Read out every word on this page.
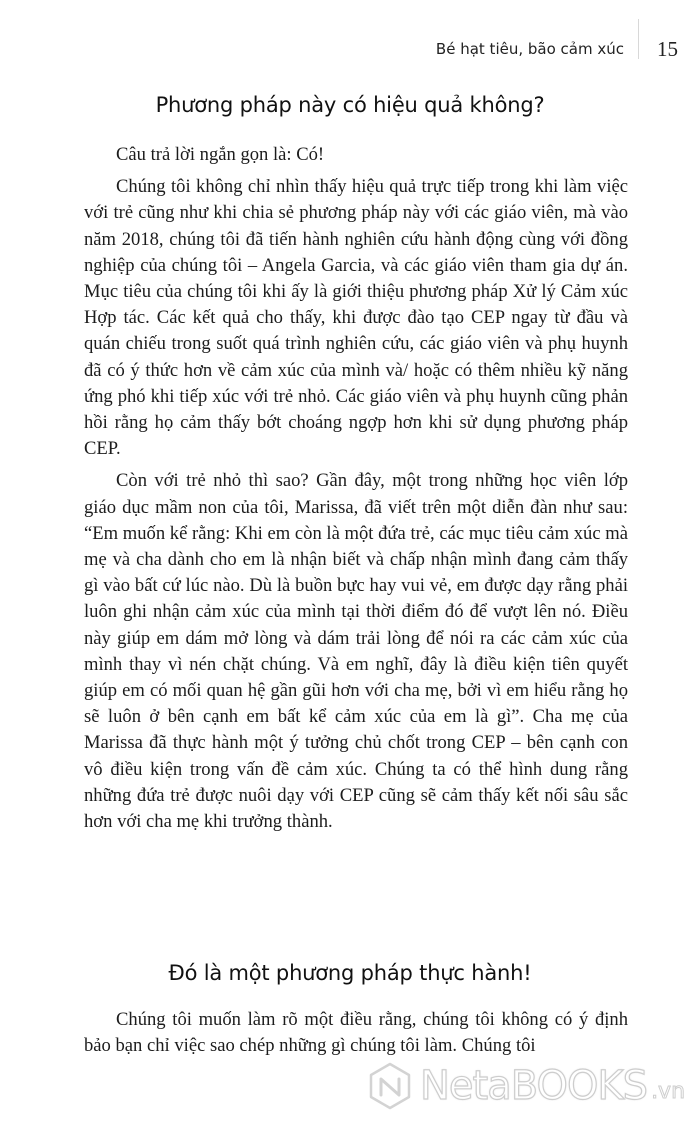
Bé hạt tiêu, bão cảm xúc	15
Phương pháp này có hiệu quả không?

Câu trả lời ngắn gọn là: Có!

Chúng tôi không chỉ nhìn thấy hiệu quả trực tiếp trong khi làm việc với trẻ cũng như khi chia sẻ phương pháp này với các giáo viên, mà vào năm 2018, chúng tôi đã tiến hành nghiên cứu hành động cùng với đồng nghiệp của chúng tôi – Angela Garcia, và các giáo viên tham gia dự án. Mục tiêu của chúng tôi khi ấy là giới thiệu phương pháp Xử lý Cảm xúc Hợp tác. Các kết quả cho thấy, khi được đào tạo CEP ngay từ đầu và quán chiếu trong suốt quá trình nghiên cứu, các giáo viên và phụ huynh đã có ý thức hơn về cảm xúc của mình và/ hoặc có thêm nhiều kỹ năng ứng phó khi tiếp xúc với trẻ nhỏ. Các giáo viên và phụ huynh cũng phản hồi rằng họ cảm thấy bớt choáng ngợp hơn khi sử dụng phương pháp CEP.

Còn với trẻ nhỏ thì sao? Gần đây, một trong những học viên lớp giáo dục mầm non của tôi, Marissa, đã viết trên một diễn đàn như sau: “Em muốn kể rằng: Khi em còn là một đứa trẻ, các mục tiêu cảm xúc mà mẹ và cha dành cho em là nhận biết và chấp nhận mình đang cảm thấy gì vào bất cứ lúc nào. Dù là buồn bực hay vui vẻ, em được dạy rằng phải luôn ghi nhận cảm xúc của mình tại thời điểm đó để vượt lên nó. Điều này giúp em dám mở lòng và dám trải lòng để nói ra các cảm xúc của mình thay vì nén chặt chúng. Và em nghĩ, đây là điều kiện tiên quyết giúp em có mối quan hệ gần gũi hơn với cha mẹ, bởi vì em hiểu rằng họ sẽ luôn ở bên cạnh em bất kể cảm xúc của em là gì”. Cha mẹ của Marissa đã thực hành một ý tưởng chủ chốt trong CEP – bên cạnh con vô điều kiện trong vấn đề cảm xúc. Chúng ta có thể hình dung rằng những đứa trẻ được nuôi dạy với CEP cũng sẽ cảm thấy kết nối sâu sắc hơn với cha mẹ khi trưởng thành.

Đó là một phương pháp thực hành!

Chúng tôi muốn làm rõ một điều rằng, chúng tôi không có ý định bảo bạn chỉ việc sao chép những gì chúng tôi làm. Chúng tôi

NetaBOOKS .vn
